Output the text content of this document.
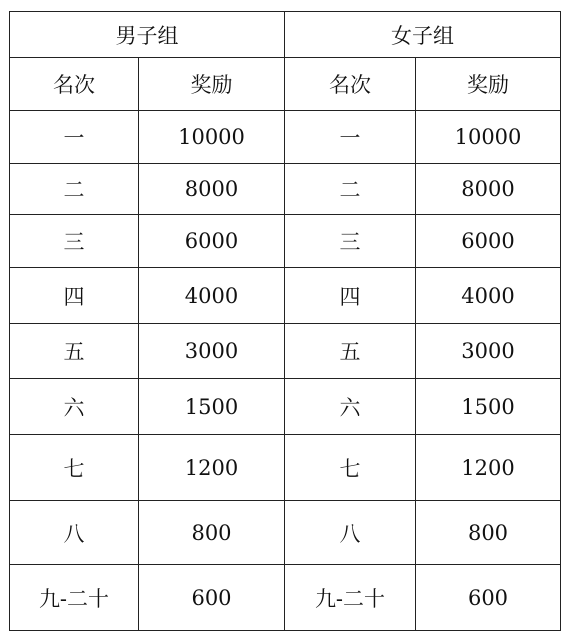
男子组		女子组	
名次	奖励	名次	奖励
一	10000	一	10000
二	8000	二	8000
三	6000	三	6000
四	4000	四	4000
五	3000	五	3000
六	1500	六	1500
七	1200	七	1200
八	800	八	800
九-二十	600	九-二十	600
